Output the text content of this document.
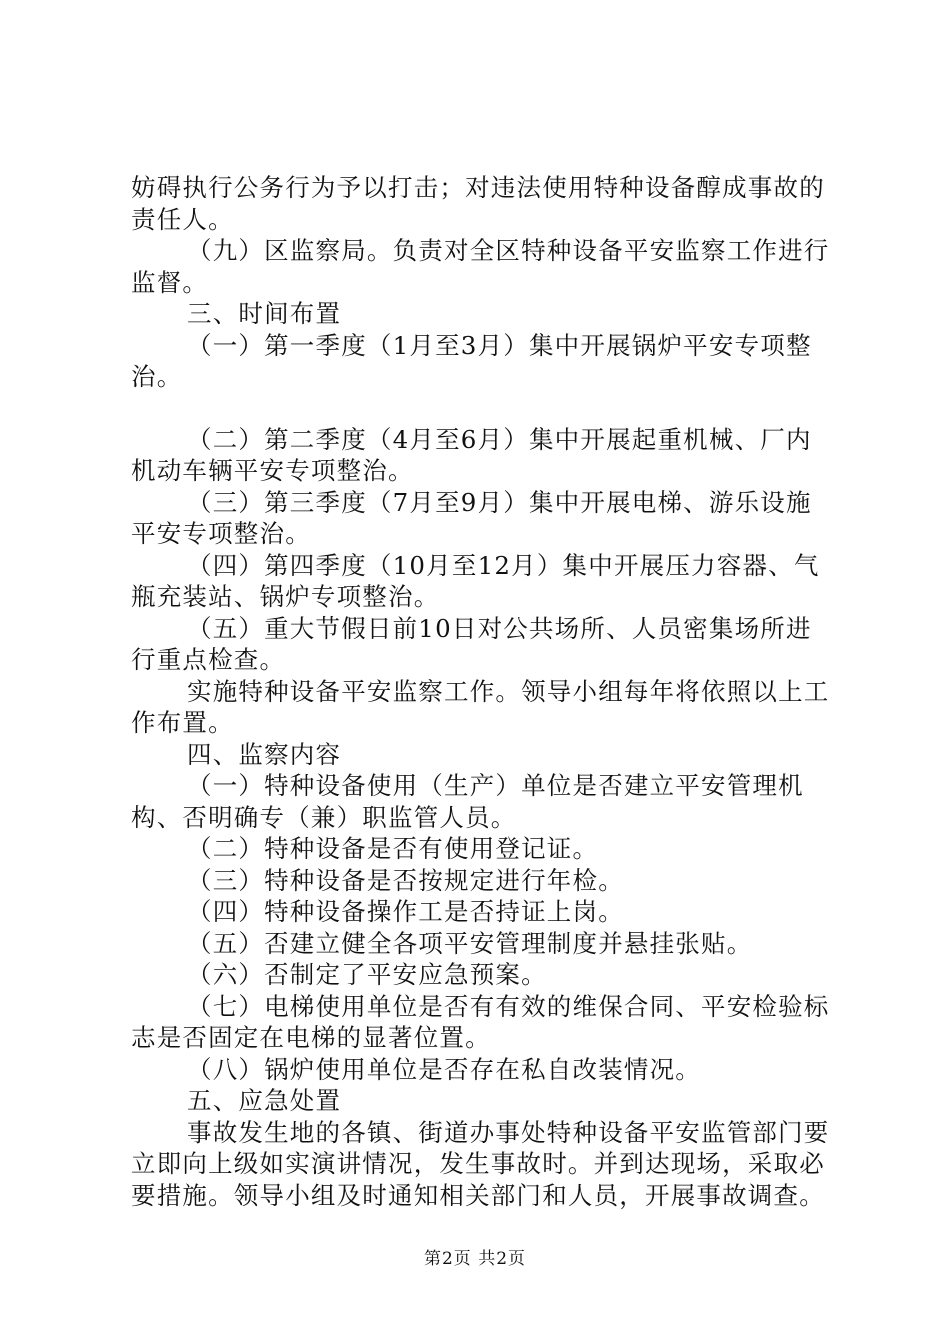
妨碍执行公务行为予以打击；对违法使用特种设备醇成事故的责任人。

（九）区监察局。负责对全区特种设备平安监察工作进行监督。

三、时间布置

（一）第一季度（1月至3月）集中开展锅炉平安专项整治。

（二）第二季度（4月至6月）集中开展起重机械、厂内机动车辆平安专项整治。

（三）第三季度（7月至9月）集中开展电梯、游乐设施平安专项整治。

（四）第四季度（10月至12月）集中开展压力容器、气瓶充装站、锅炉专项整治。

（五）重大节假日前10日对公共场所、人员密集场所进行重点检查。

实施特种设备平安监察工作。领导小组每年将依照以上工作布置。

四、监察内容

（一）特种设备使用（生产）单位是否建立平安管理机构、否明确专（兼）职监管人员。

（二）特种设备是否有使用登记证。

（三）特种设备是否按规定进行年检。

（四）特种设备操作工是否持证上岗。

（五）否建立健全各项平安管理制度并悬挂张贴。

（六）否制定了平安应急预案。

（七）电梯使用单位是否有有效的维保合同、平安检验标志是否固定在电梯的显著位置。

（八）锅炉使用单位是否存在私自改装情况。

五、应急处置

事故发生地的各镇、街道办事处特种设备平安监管部门要立即向上级如实演讲情况，发生事故时。并到达现场，采取必要措施。领导小组及时通知相关部门和人员，开展事故调查。

第2页 共2页
